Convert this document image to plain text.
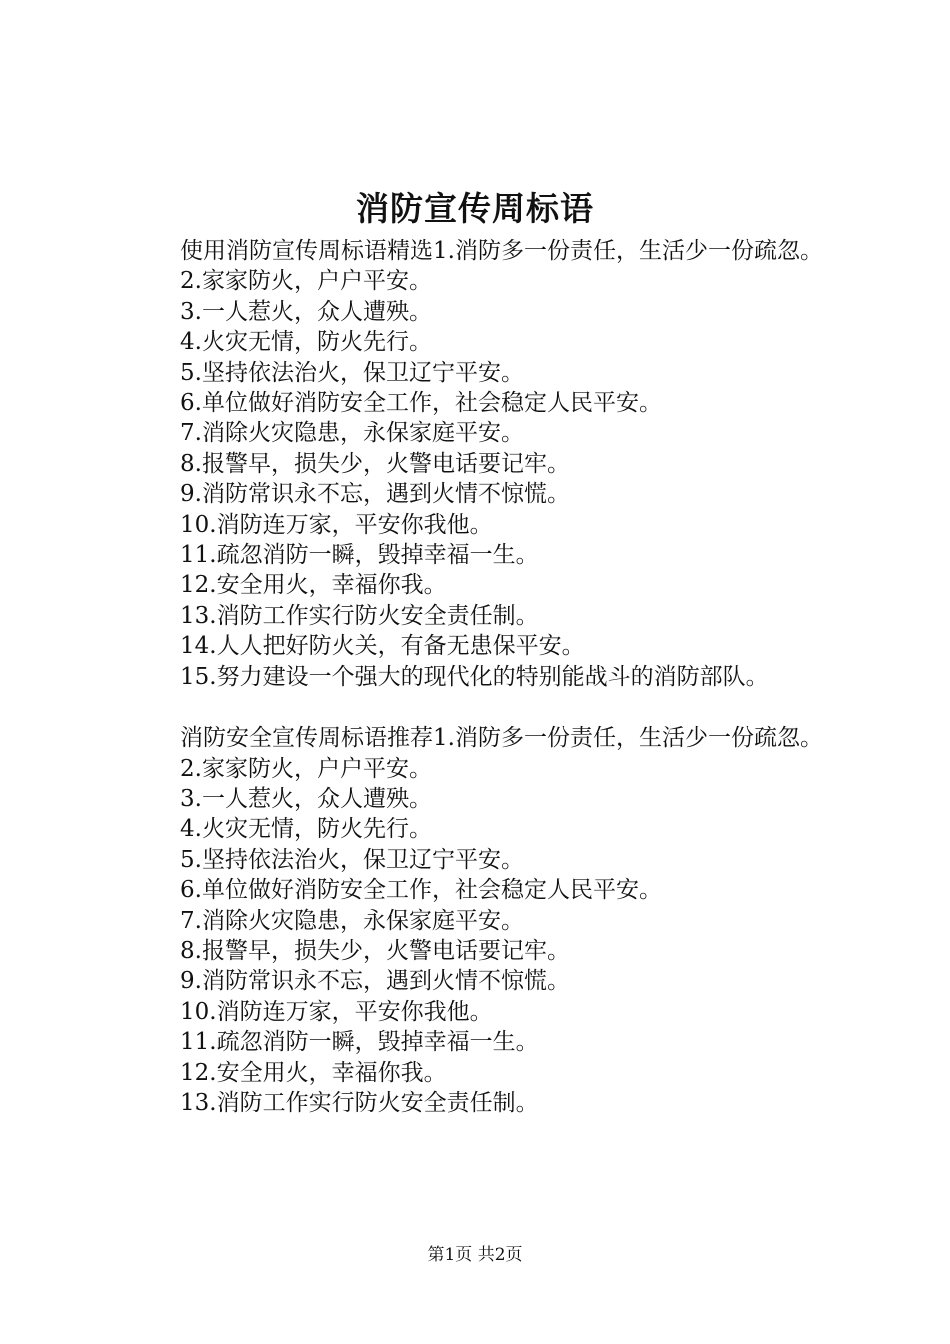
消防宣传周标语

使用消防宣传周标语精选1.消防多一份责任，生活少一份疏忽。

2.家家防火，户户平安。

3.一人惹火，众人遭殃。

4.火灾无情，防火先行。

5.坚持依法治火，保卫辽宁平安。

6.单位做好消防安全工作，社会稳定人民平安。

7.消除火灾隐患，永保家庭平安。

8.报警早，损失少，火警电话要记牢。

9.消防常识永不忘，遇到火情不惊慌。

10.消防连万家，平安你我他。

11.疏忽消防一瞬，毁掉幸福一生。

12.安全用火，幸福你我。

13.消防工作实行防火安全责任制。

14.人人把好防火关，有备无患保平安。

15.努力建设一个强大的现代化的特别能战斗的消防部队。

消防安全宣传周标语推荐1.消防多一份责任，生活少一份疏忽。

2.家家防火，户户平安。

3.一人惹火，众人遭殃。

4.火灾无情，防火先行。

5.坚持依法治火，保卫辽宁平安。

6.单位做好消防安全工作，社会稳定人民平安。

7.消除火灾隐患，永保家庭平安。

8.报警早，损失少，火警电话要记牢。

9.消防常识永不忘，遇到火情不惊慌。

10.消防连万家，平安你我他。

11.疏忽消防一瞬，毁掉幸福一生。

12.安全用火，幸福你我。

13.消防工作实行防火安全责任制。

第1页 共2页
